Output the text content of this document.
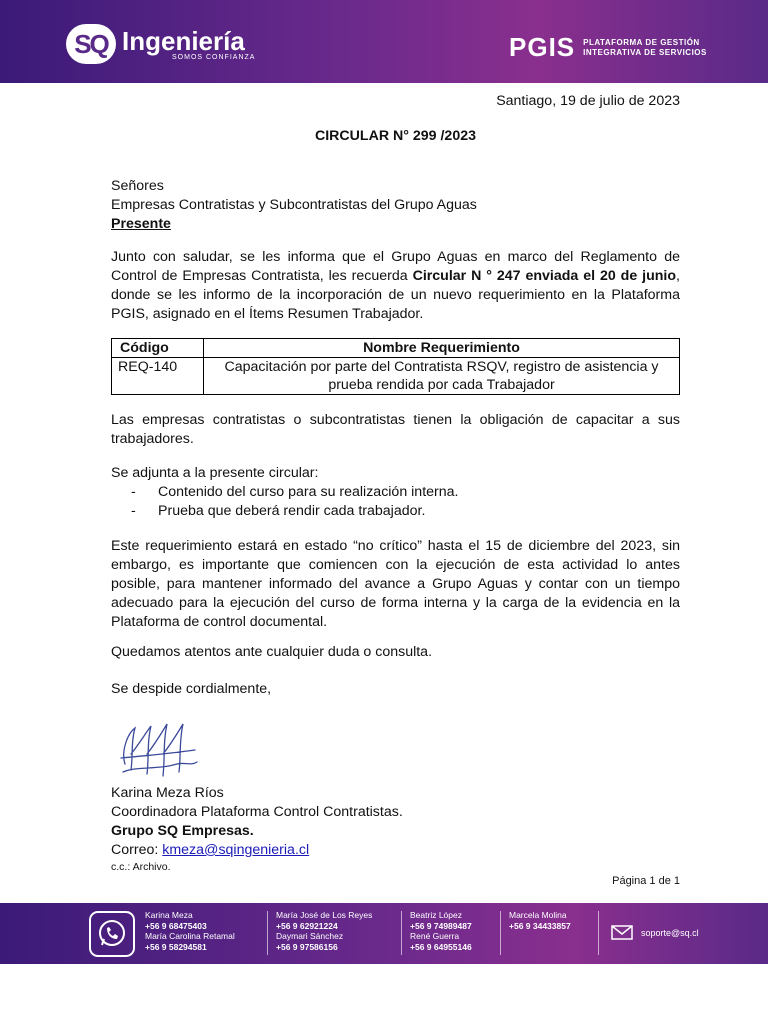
SQ Ingeniería
SOMOS CONFIANZA	PGIS PLATAFORMA DE GESTIÓN
INTEGRATIVA DE SERVICIOS
Santiago, 19 de julio de 2023
CIRCULAR N° 299 /2023
Señores
Empresas Contratistas y Subcontratistas del Grupo Aguas
Presente
Junto con saludar, se les informa que el Grupo Aguas en marco del Reglamento de Control de Empresas Contratista, les recuerda Circular N ° 247 enviada el 20 de junio, donde se les informo de la incorporación de un nuevo requerimiento en la Plataforma PGIS, asignado en el Ítems Resumen Trabajador.
Código	Nombre Requerimiento
REQ-140	Capacitación por parte del Contratista RSQV, registro de asistencia y prueba rendida por cada Trabajador
Las empresas contratistas o subcontratistas tienen la obligación de capacitar a sus trabajadores.
Se adjunta a la presente circular:
-	Contenido del curso para su realización interna.
-	Prueba que deberá rendir cada trabajador.
Este requerimiento estará en estado “no crítico” hasta el 15 de diciembre del 2023, sin embargo, es importante que comiencen con la ejecución de esta actividad lo antes posible, para mantener informado del avance a Grupo Aguas y contar con un tiempo adecuado para la ejecución del curso de forma interna y la carga de la evidencia en la Plataforma de control documental.
Quedamos atentos ante cualquier duda o consulta.
Se despide cordialmente,
Karina Meza Ríos
Coordinadora Plataforma Control Contratistas.
Grupo SQ Empresas.
Correo: kmeza@sqingenieria.cl
c.c.: Archivo.
Página 1 de 1
Karina Meza
+56 9 68475403
María Carolina Retamal
+56 9 58294581
María José de Los Reyes
+56 9 62921224
Daymari Sánchez
+56 9 97586156
Beatriz López
+56 9 74989487
René Guerra
+56 9 64955146
Marcela Molina
+56 9 34433857
soporte@sq.cl
